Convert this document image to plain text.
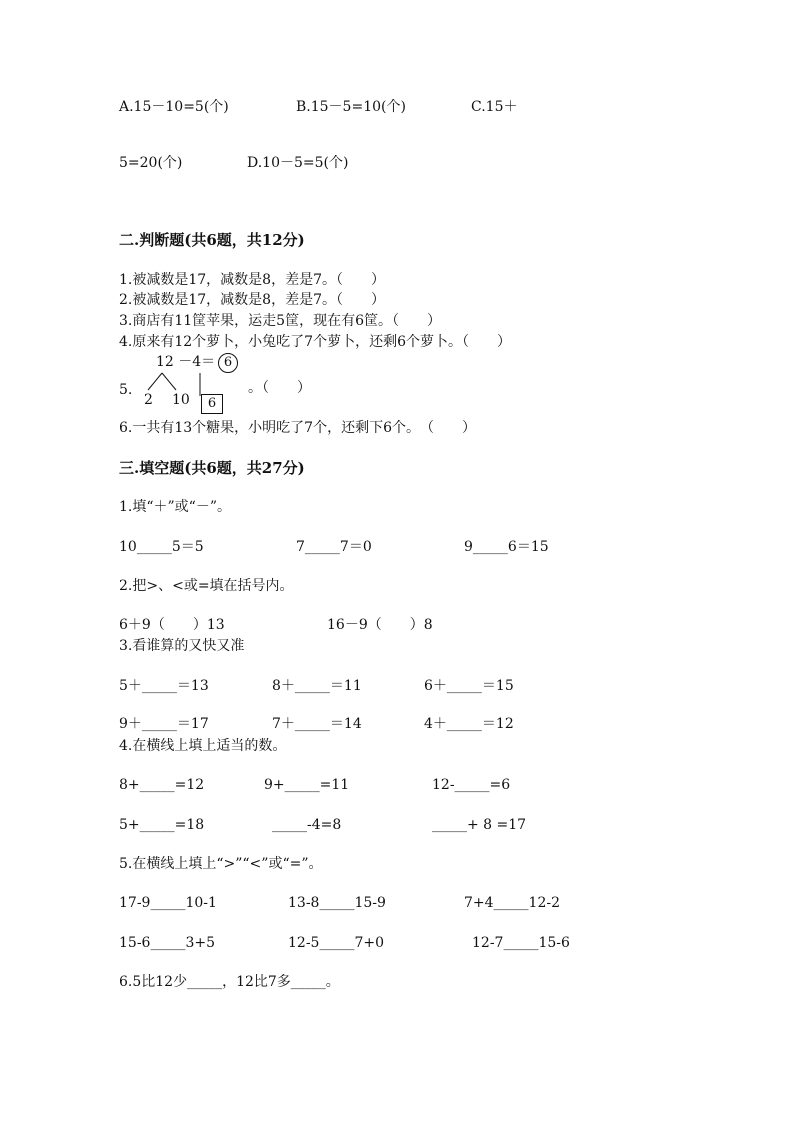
A.15－10=5(个)	B.15－5=10(个)	C.15＋
5=20(个)	D.10－5=5(个)
二.判断题(共6题，共12分)
1.被减数是17，减数是8，差是7。（　　）
2.被减数是17，减数是8，差是7。（　　）
3.商店有11筐苹果，运走5筐，现在有6筐。（　　）
4.原来有12个萝卜，小兔吃了7个萝卜，还剩6个萝卜。（　　）
5.
12 －4＝ 6
2 10	6
。（　　）
6.一共有13个糖果，小明吃了7个，还剩下6个。　（　　）
三.填空题(共6题，共27分)
1.填“＋”或“－”。
10_____5＝5	7_____7＝0	9_____6＝15
2.把>、<或=填在括号内。
6＋9（　　）13	16－9（　　）8
3.看谁算的又快又准
5＋_____＝13	8＋_____＝11	6＋_____＝15
9＋_____＝17	7＋_____＝14	4＋_____＝12
4.在横线上填上适当的数。
8+_____=12	9+_____=11	12-_____=6
5+_____=18	_____-4=8	_____+ 8 =17
5.在横线上填上“>”“<”或“=”。
17-9_____10-1	13-8_____15-9	7+4_____12-2
15-6_____3+5	12-5_____7+0	12-7_____15-6
6.5比12少_____，12比7多_____。
